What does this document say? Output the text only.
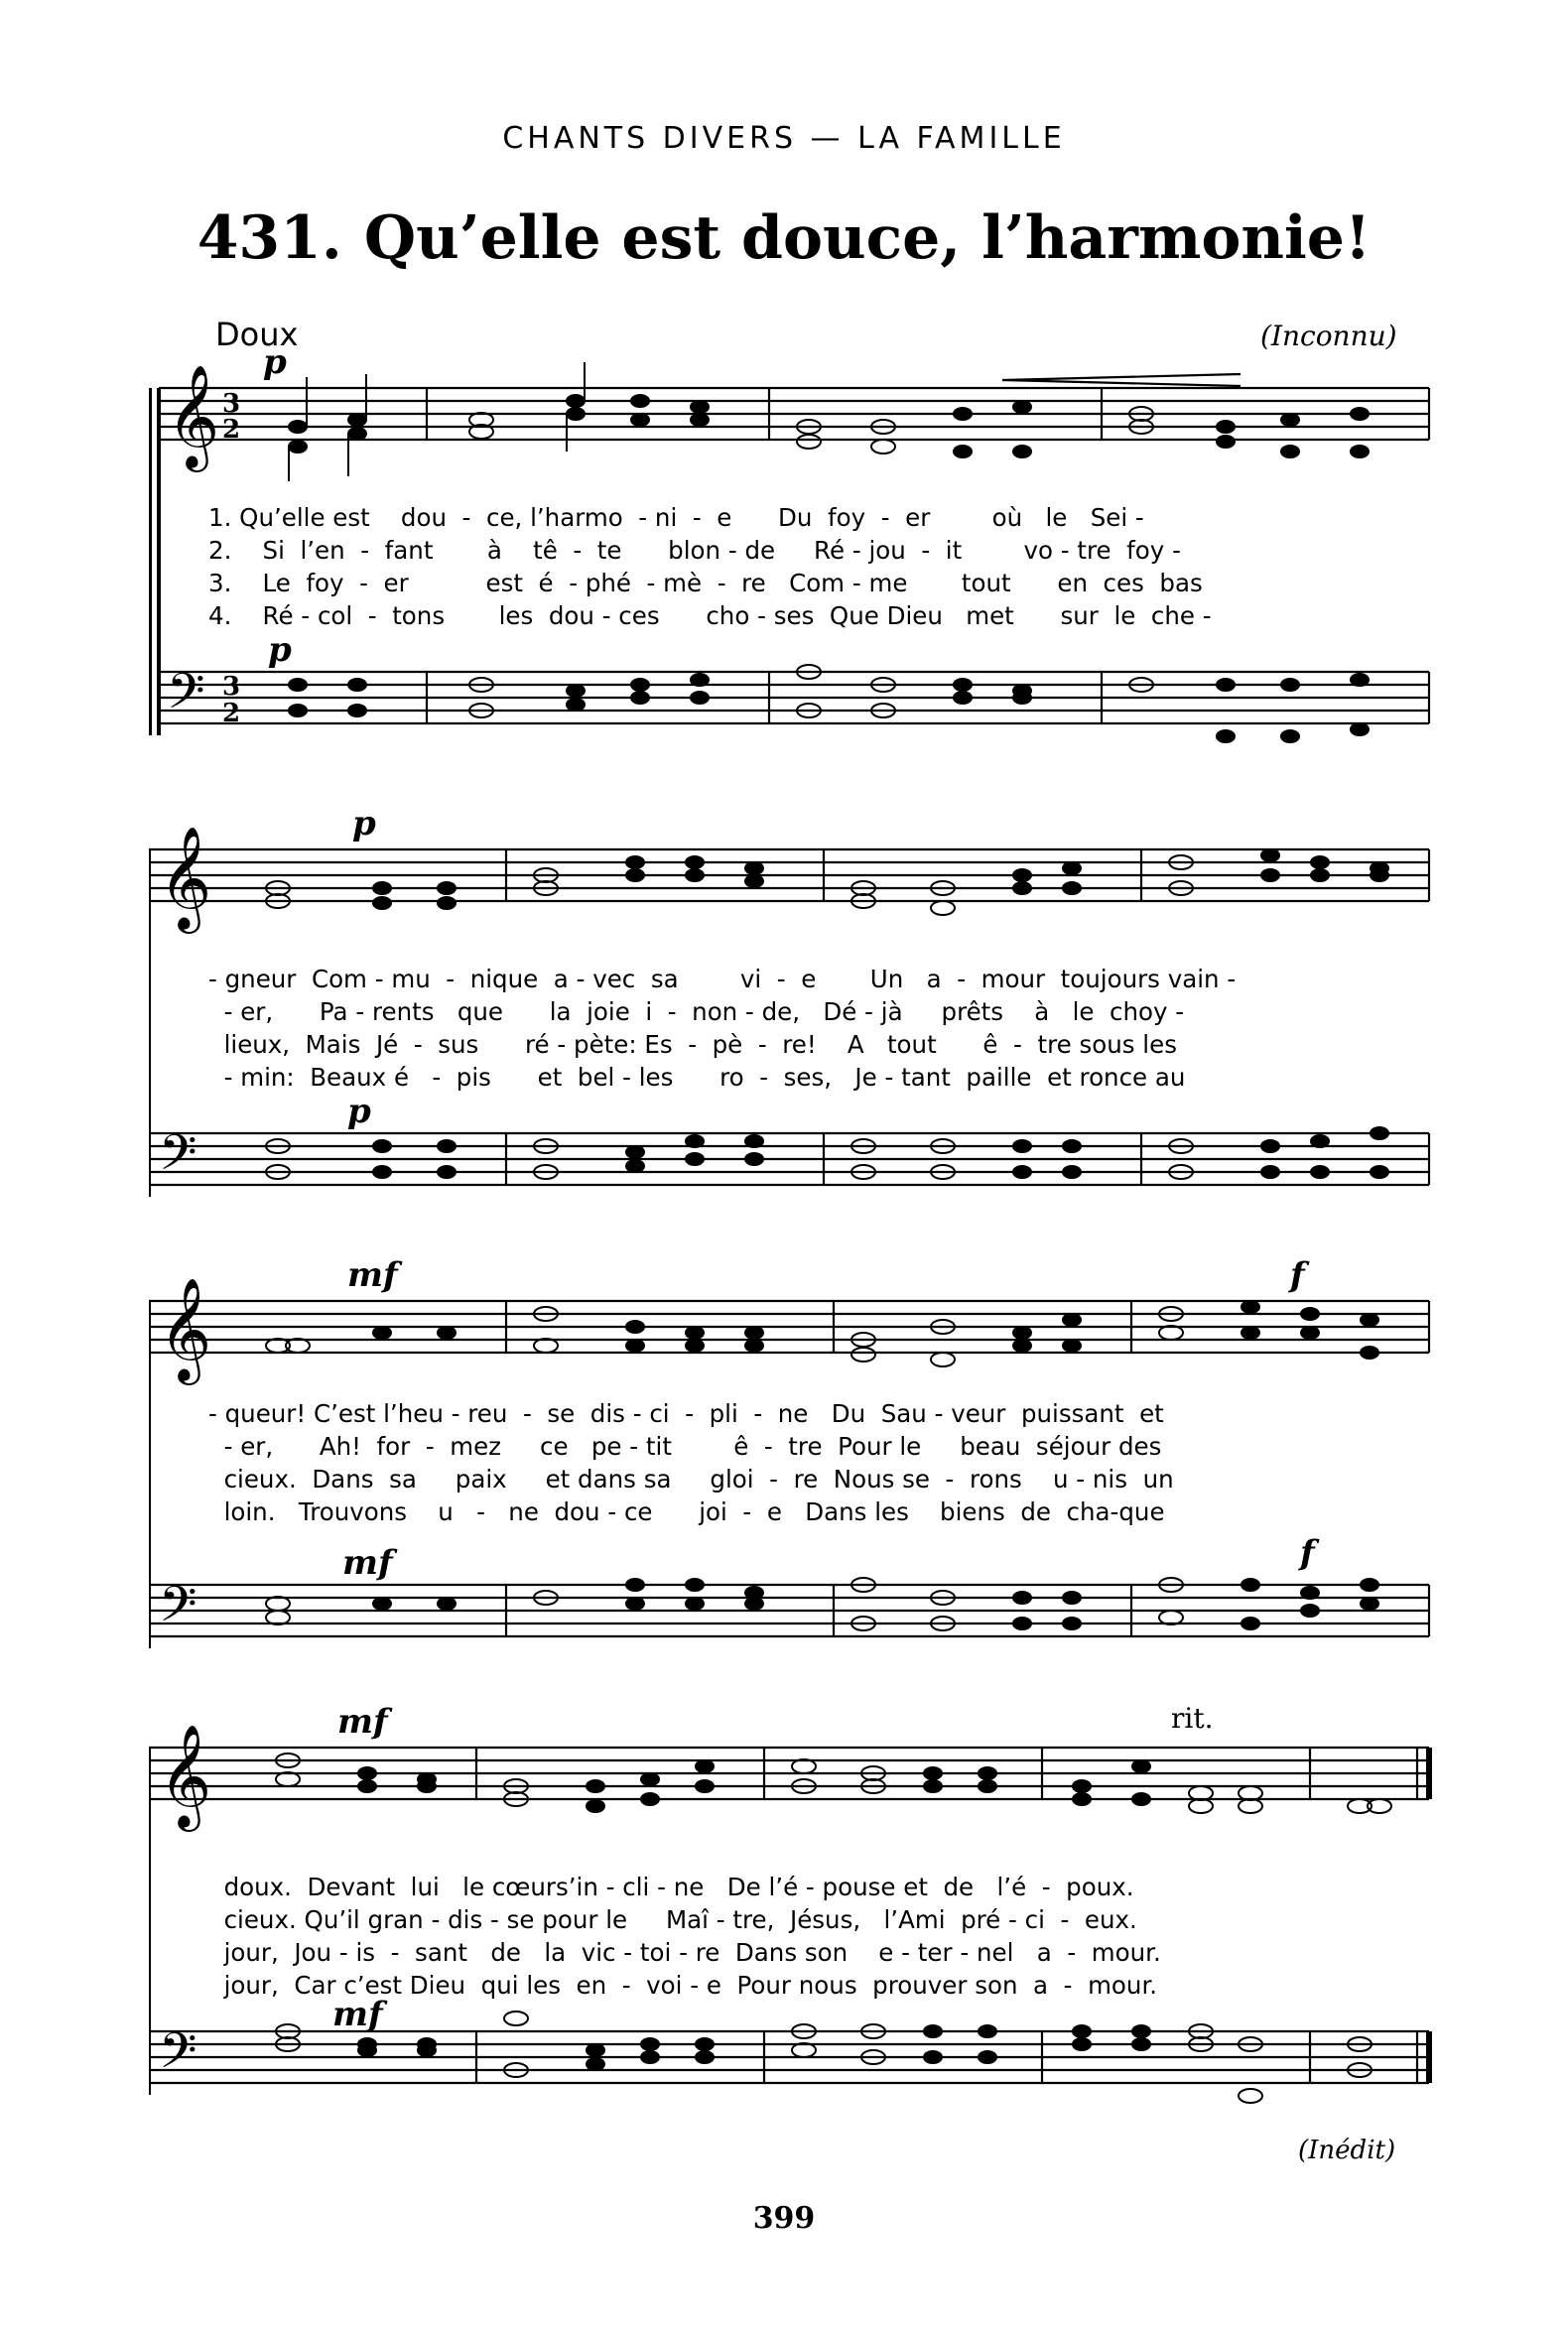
CHANTS DIVERS — LA FAMILLE
431. Qu’elle est douce, l’harmonie!
Doux	(Inconnu)
𝄞
𝄢
3
2
3
2
p
p
1. Qu’elle est    dou  -  ce, l’harmo  - ni  -  e      Du  foy  -  er        où   le   Sei -
2.    Si  l’en  -  fant       à    tê  -  te      blon - de     Ré - jou  -  it        vo - tre  foy -
3.    Le  foy  -  er          est  é  - phé  - mè  -  re   Com - me       tout      en  ces  bas
4.    Ré - col  -  tons       les  dou - ces      cho - ses  Que Dieu   met      sur  le  che -
𝄞
𝄢
p
p
- gneur  Com - mu  -  nique  a - vec  sa        vi  -  e       Un   a  -  mour  toujours vain -
- er,      Pa - rents   que      la  joie  i  -  non - de,   Dé - jà     prêts    à   le  choy -
lieux,  Mais  Jé  -  sus      ré - pète: Es  -  pè  -  re!    A   tout      ê  -  tre sous les
- min:  Beaux é   -  pis      et  bel - les      ro  -  ses,   Je - tant  paille  et ronce au
𝄞
𝄢
mf	f
mf	f
- queur! C’est l’heu - reu  -  se  dis - ci  -  pli  -  ne   Du  Sau - veur  puissant  et
- er,      Ah!  for  -  mez     ce   pe - tit        ê  -  tre  Pour le     beau  séjour des
cieux.  Dans  sa     paix     et dans sa     gloi  -  re  Nous se  -  rons    u - nis  un
loin.   Trouvons    u   -   ne  dou - ce      joi  -  e   Dans les    biens  de  cha-que
𝄞
𝄢
mf
mf
rit.
doux.  Devant  lui   le cœurs’in - cli - ne   De l’é - pouse et  de   l’é  -  poux.
cieux. Qu’il gran - dis - se pour le     Maî - tre,  Jésus,   l’Ami  pré - ci  -  eux.
jour,  Jou - is  -  sant   de   la  vic - toi - re  Dans son    e - ter - nel   a  -  mour.
jour,  Car c’est Dieu  qui les  en  -  voi - e  Pour nous  prouver son  a  -  mour.
(Inédit)
399
